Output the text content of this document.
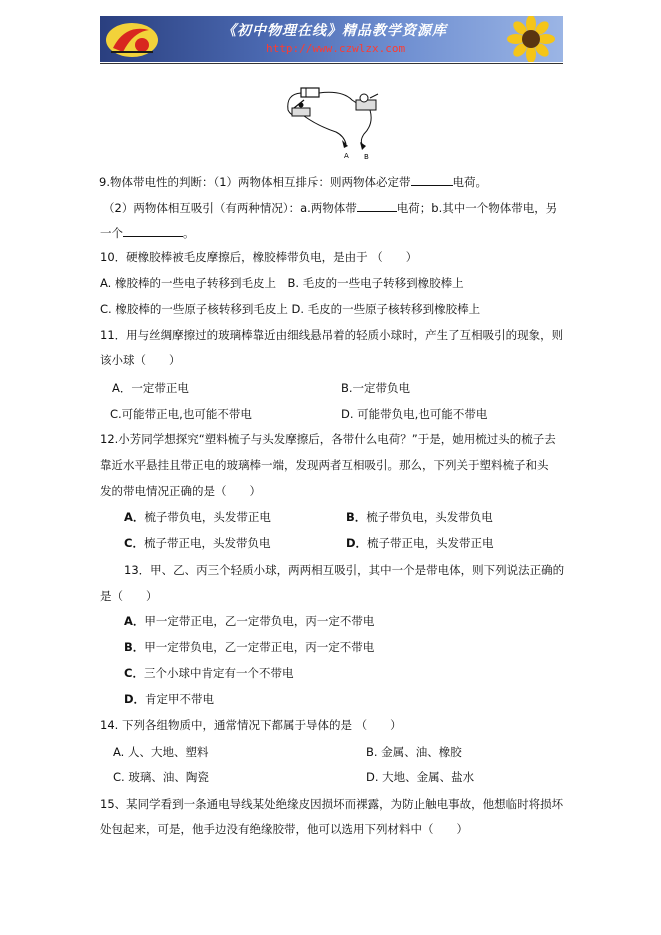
《初中物理在线》精品教学资源库
http://www.czwlzx.com
A B
9.物体带电性的判断：（1）两物体相互排斥：则两物体必定带	电荷。
（2）两物体相互吸引（有两种情况）：a.两物体带	电荷；b.其中一个物体带电，另
一个	。
10．硬橡胶棒被毛皮摩擦后，橡胶棒带负电，是由于 （　　）
A. 橡胶棒的一些电子转移到毛皮上　B. 毛皮的一些电子转移到橡胶棒上
C. 橡胶棒的一些原子核转移到毛皮上 D. 毛皮的一些原子核转移到橡胶棒上
11．用与丝绸摩擦过的玻璃棒靠近由细线悬吊着的轻质小球时，产生了互相吸引的现象，则
该小球（　　）
A．一定带正电	B.一定带负电
C.可能带正电,也可能不带电	D. 可能带负电,也可能不带电
12.小芳同学想探究“塑料梳子与头发摩擦后，各带什么电荷？”于是，她用梳过头的梳子去
靠近水平悬挂且带正电的玻璃棒一端，发现两者互相吸引。那么，下列关于塑料梳子和头
发的带电情况正确的是（　　）
A．梳子带负电，头发带正电	B．梳子带负电，头发带负电
C．梳子带正电，头发带负电	D．梳子带正电，头发带正电
13．甲、乙、丙三个轻质小球，两两相互吸引，其中一个是带电体，则下列说法正确的
是（　　）
A．甲一定带正电，乙一定带负电，丙一定不带电
B．甲一定带负电，乙一定带正电，丙一定不带电
C．三个小球中肯定有一个不带电
D．肯定甲不带电
14. 下列各组物质中，通常情况下都属于导体的是 （　　）
A. 人、大地、塑料	B. 金属、油、橡胶
C. 玻璃、油、陶瓷	D. 大地、金属、盐水
15、某同学看到一条通电导线某处绝缘皮因损坏而裸露，为防止触电事故，他想临时将损坏
处包起来，可是，他手边没有绝缘胶带，他可以选用下列材料中（　　）
